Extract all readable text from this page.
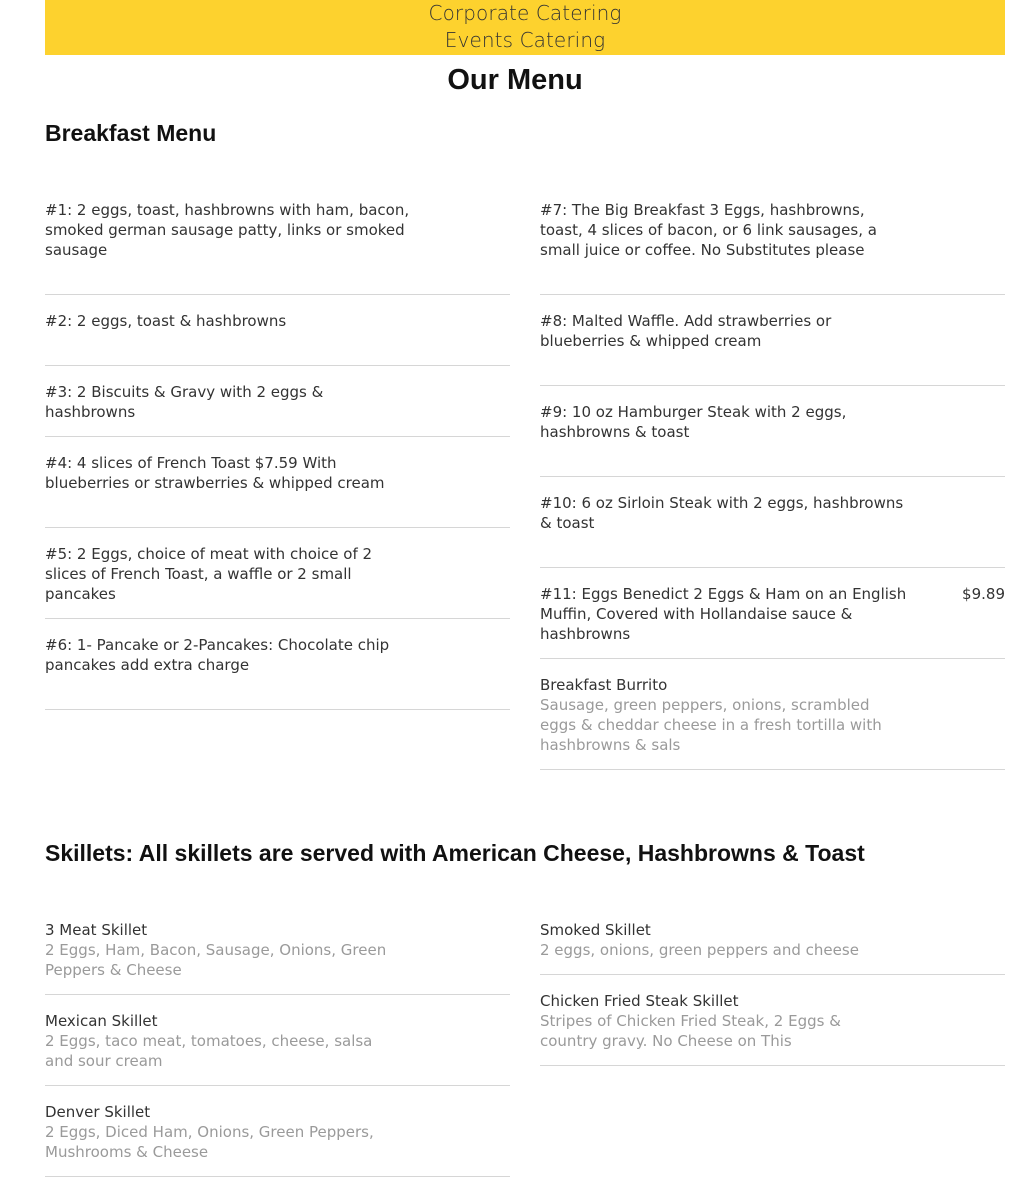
Corporate Catering
Events Catering
Our Menu
Breakfast Menu
#1: 2 eggs, toast, hashbrowns with ham, bacon, smoked german sausage patty, links or smoked sausage
#2: 2 eggs, toast & hashbrowns
#3: 2 Biscuits & Gravy with 2 eggs & hashbrowns
#4: 4 slices of French Toast $7.59 With blueberries or strawberries & whipped cream
#5: 2 Eggs, choice of meat with choice of 2 slices of French Toast, a waffle or 2 small pancakes
#6: 1- Pancake or 2-Pancakes: Chocolate chip pancakes add extra charge
#7: The Big Breakfast 3 Eggs, hashbrowns, toast, 4 slices of bacon, or 6 link sausages, a small juice or coffee. No Substitutes please
#8: Malted Waffle. Add strawberries or blueberries & whipped cream
#9: 10 oz Hamburger Steak with 2 eggs, hashbrowns & toast
#10: 6 oz Sirloin Steak with 2 eggs, hashbrowns & toast
#11: Eggs Benedict 2 Eggs & Ham on an English Muffin, Covered with Hollandaise sauce & hashbrowns
$9.89
Breakfast Burrito
Sausage, green peppers, onions, scrambled eggs & cheddar cheese in a fresh tortilla with hashbrowns & sals
Skillets: All skillets are served with American Cheese, Hashbrowns & Toast
3 Meat Skillet
2 Eggs, Ham, Bacon, Sausage, Onions, Green Peppers & Cheese
Mexican Skillet
2 Eggs, taco meat, tomatoes, cheese, salsa and sour cream
Denver Skillet
2 Eggs, Diced Ham, Onions, Green Peppers, Mushrooms & Cheese
Smoked Skillet
2 eggs, onions, green peppers and cheese
Chicken Fried Steak Skillet
Stripes of Chicken Fried Steak, 2 Eggs & country gravy. No Cheese on This
